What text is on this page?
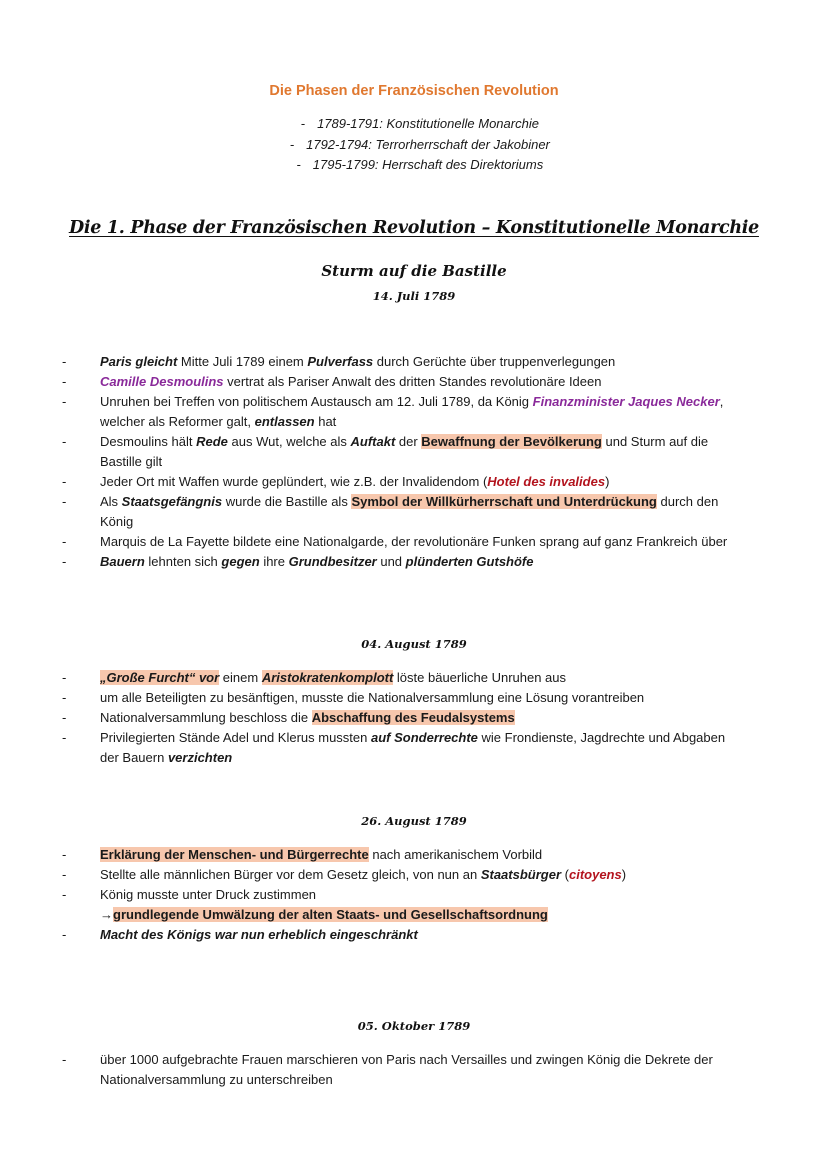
Die Phasen der Französischen Revolution
- 1789-1791: Konstitutionelle Monarchie
- 1792-1794: Terrorherrschaft der Jakobiner
- 1795-1799: Herrschaft des Direktoriums
Die 1. Phase der Französischen Revolution – Konstitutionelle Monarchie
Sturm auf die Bastille
14. Juli 1789
-	Paris gleicht Mitte Juli 1789 einem Pulverfass durch Gerüchte über truppenverlegungen
-	Camille Desmoulins vertrat als Pariser Anwalt des dritten Standes revolutionäre Ideen
-	Unruhen bei Treffen von politischem Austausch am 12. Juli 1789, da König Finanzminister Jaques Necker,
welcher als Reformer galt, entlassen hat
-	Desmoulins hält Rede aus Wut, welche als Auftakt der Bewaffnung der Bevölkerung und Sturm auf die
Bastille gilt
-	Jeder Ort mit Waffen wurde geplündert, wie z.B. der Invalidendom (Hotel des invalides)
-	Als Staatsgefängnis wurde die Bastille als Symbol der Willkürherrschaft und Unterdrückung durch den
König
-	Marquis de La Fayette bildete eine Nationalgarde, der revolutionäre Funken sprang auf ganz Frankreich über
-	Bauern lehnten sich gegen ihre Grundbesitzer und plünderten Gutshöfe
04. August 1789
-	„Große Furcht“ vor einem Aristokratenkomplott löste bäuerliche Unruhen aus
-	um alle Beteiligten zu besänftigen, musste die Nationalversammlung eine Lösung vorantreiben
-	Nationalversammlung beschloss die Abschaffung des Feudalsystems
-	Privilegierten Stände Adel und Klerus mussten auf Sonderrechte wie Frondienste, Jagdrechte und Abgaben
der Bauern verzichten
26. August 1789
-	Erklärung der Menschen- und Bürgerrechte nach amerikanischem Vorbild
-	Stellte alle männlichen Bürger vor dem Gesetz gleich, von nun an Staatsbürger (citoyens)
-	König musste unter Druck zustimmen
→grundlegende Umwälzung der alten Staats- und Gesellschaftsordnung
-	Macht des Königs war nun erheblich eingeschränkt
05. Oktober 1789
-	über 1000 aufgebrachte Frauen marschieren von Paris nach Versailles und zwingen König die Dekrete der
Nationalversammlung zu unterschreiben
